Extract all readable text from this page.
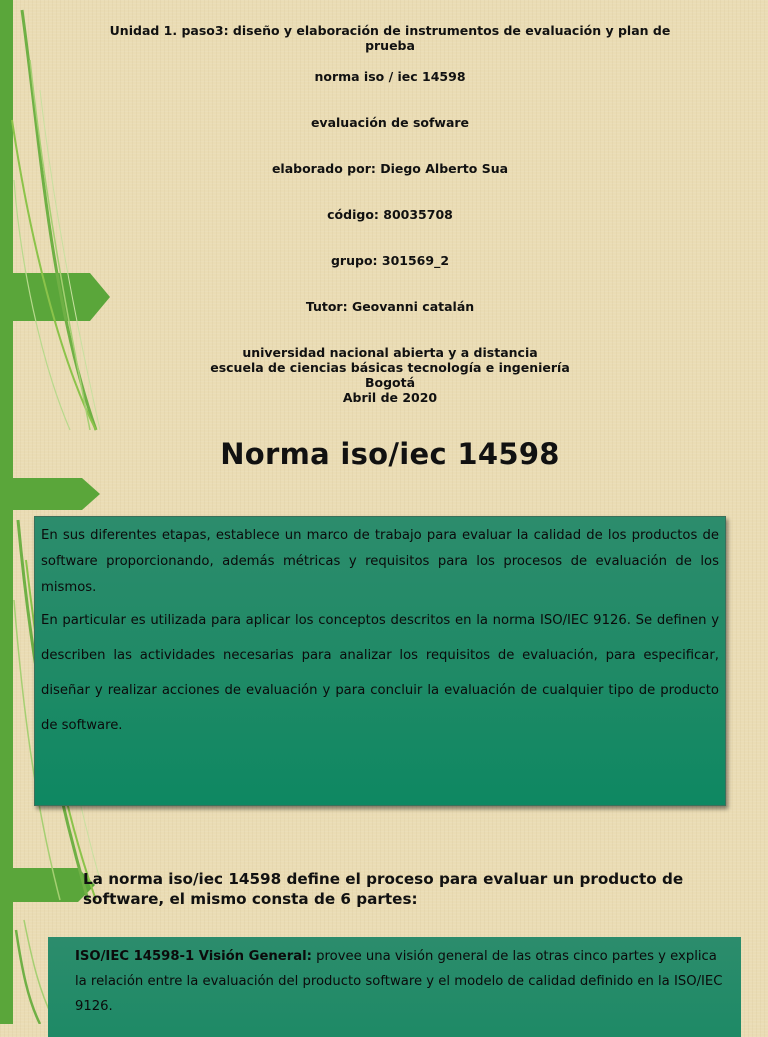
Unidad 1. paso3: diseño y elaboración de instrumentos de evaluación y plan de
prueba
norma iso / iec 14598
evaluación de sofware
elaborado por: Diego Alberto Sua
código: 80035708
grupo: 301569_2
Tutor: Geovanni catalán
universidad nacional abierta y a distancia
escuela de ciencias básicas tecnología e ingeniería
Bogotá
Abril de 2020
Norma iso/iec 14598

En sus diferentes etapas, establece un marco de trabajo para evaluar la calidad de los productos de software proporcionando, además métricas y requisitos para los procesos de evaluación de los mismos.

En particular es utilizada para aplicar los conceptos descritos en la norma ISO/IEC 9126. Se definen y describen las actividades necesarias para analizar los requisitos de evaluación, para especificar, diseñar y realizar acciones de evaluación y para concluir la evaluación de cualquier tipo de producto de software.

La norma iso/iec 14598 define el proceso para evaluar un producto de software, el mismo consta de 6 partes:
ISO/IEC 14598-1 Visión General: provee una visión general de las otras cinco partes y explica la relación entre la evaluación del producto software y el modelo de calidad definido en la ISO/IEC 9126.
